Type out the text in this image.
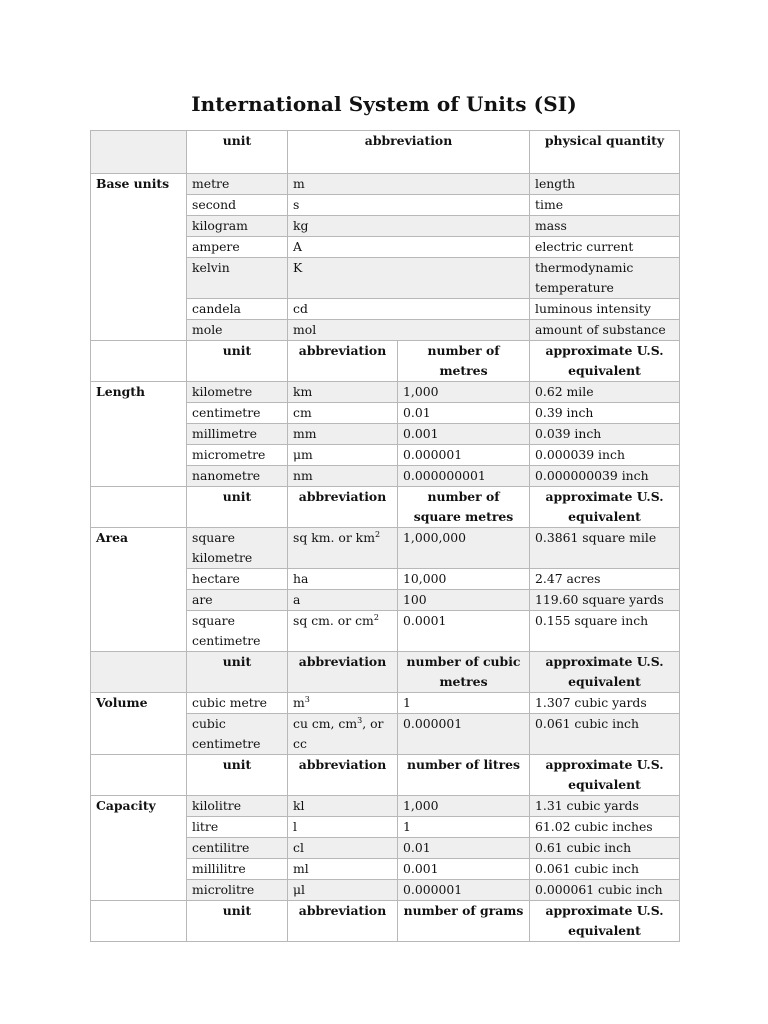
International System of Units (SI)
	unit	abbreviation		physical quantity
Base units	metre	m		length
	second	s		time
	kilogram	kg		mass
	ampere	A		electric current
	kelvin	K		thermodynamic temperature
	candela	cd		luminous intensity
	mole	mol		amount of substance
	unit	abbreviation	number of metres	approximate U.S. equivalent
Length	kilometre	km	1,000	0.62 mile
	centimetre	cm	0.01	0.39 inch
	millimetre	mm	0.001	0.039 inch
	micrometre	μm	0.000001	0.000039 inch
	nanometre	nm	0.000000001	0.000000039 inch
	unit	abbreviation	number of square metres	approximate U.S. equivalent
Area	square kilometre	sq km. or $km^2$	1,000,000	0.3861 square mile
	hectare	ha	10,000	2.47 acres
	are	a	100	119.60 square yards
	square centimetre	sq cm. or $cm^2$	0.0001	0.155 square inch
	unit	abbreviation	number of cubic metres	approximate U.S. equivalent
Volume	cubic metre	$m^3$	1	1.307 cubic yards
	cubic centimetre	cu cm, $cm^3$, or cc	0.000001	0.061 cubic inch
	unit	abbreviation	number of litres	approximate U.S. equivalent
Capacity	kilolitre	kl	1,000	1.31 cubic yards
	litre	l	1	61.02 cubic inches
	centilitre	cl	0.01	0.61 cubic inch
	millilitre	ml	0.001	0.061 cubic inch
	microlitre	μl	0.000001	0.000061 cubic inch
	unit	abbreviation	number of grams	approximate U.S. equivalent
